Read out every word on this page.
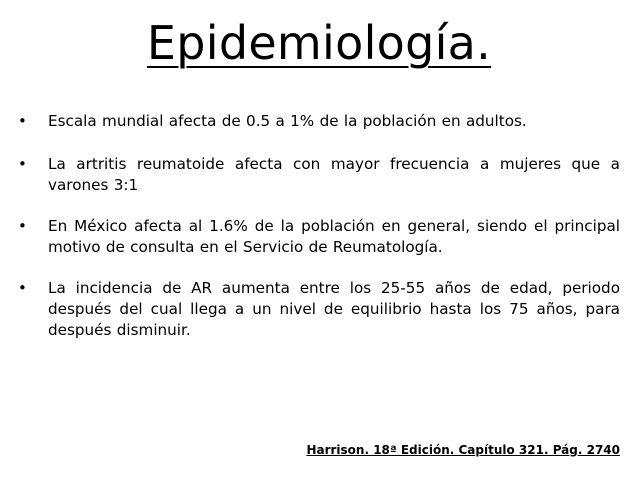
Epidemiología.
• Escala mundial afecta de 0.5 a 1% de la población en adultos.
• La artritis reumatoide afecta con mayor frecuencia a mujeres que a varones 3:1
• En México afecta al 1.6% de la población en general, siendo el principal motivo de consulta en el Servicio de Reumatología.
• La incidencia de AR aumenta entre los 25-55 años de edad, periodo después del cual llega a un nivel de equilibrio hasta los 75 años, para después disminuir.
Harrison. 18ª Edición. Capítulo 321. Pág. 2740
